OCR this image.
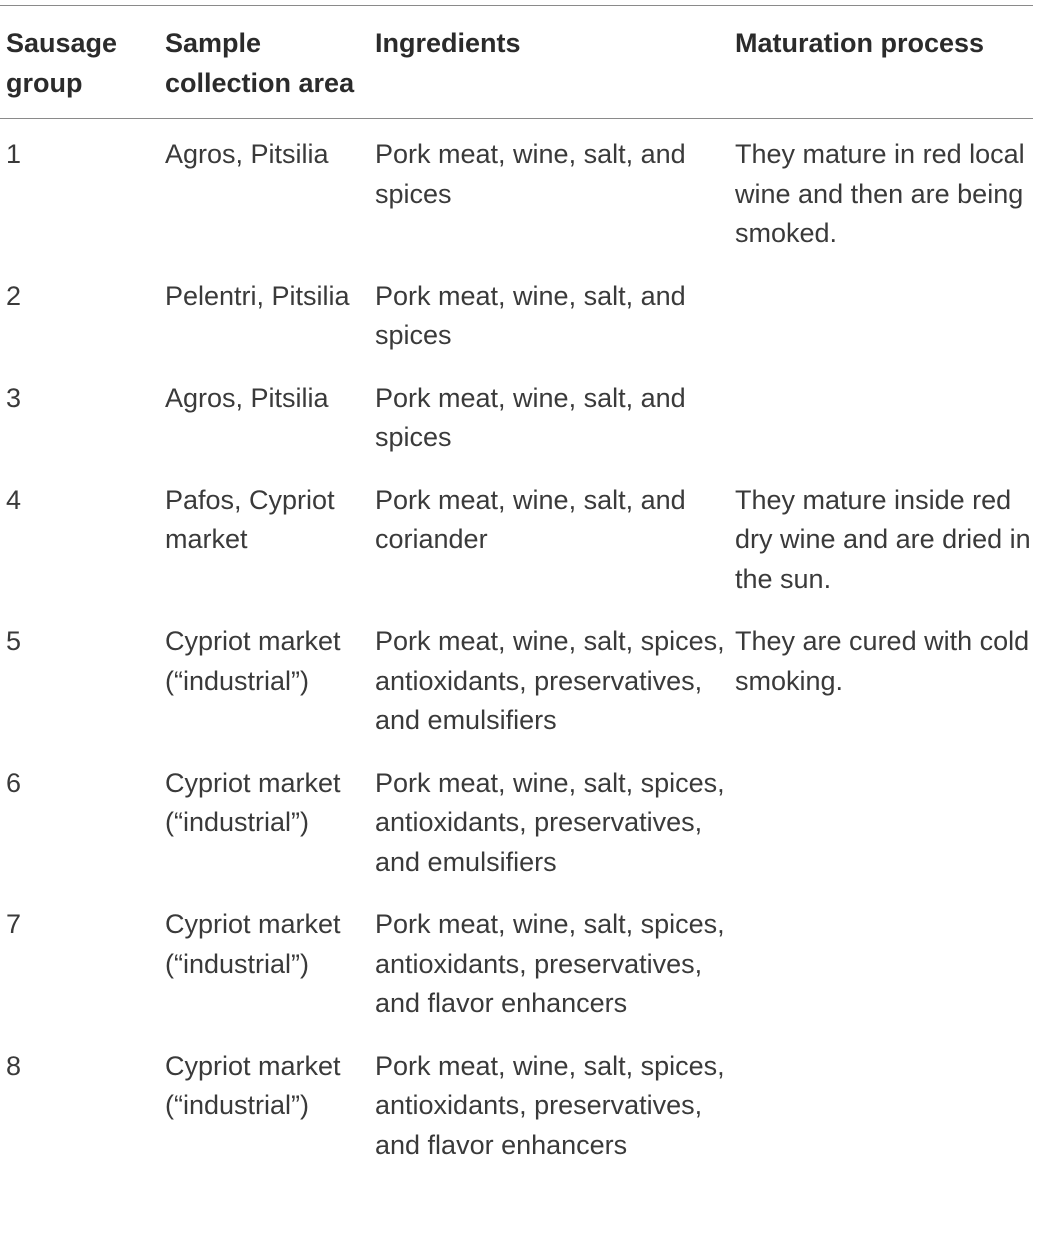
Sausage group	Sample collection area	Ingredients	Maturation process
1	Agros, Pitsilia	Pork meat, wine, salt, and spices	They mature in red local wine and then are being smoked.
2	Pelentri, Pitsilia	Pork meat, wine, salt, and spices	
3	Agros, Pitsilia	Pork meat, wine, salt, and spices	
4	Pafos, Cypriot market	Pork meat, wine, salt, and coriander	They mature inside red dry wine and are dried in the sun.
5	Cypriot market (“industrial”)	Pork meat, wine, salt, spices, antioxidants, preservatives, and emulsifiers	They are cured with cold smoking.
6	Cypriot market (“industrial”)	Pork meat, wine, salt, spices, antioxidants, preservatives, and emulsifiers	
7	Cypriot market (“industrial”)	Pork meat, wine, salt, spices, antioxidants, preservatives, and flavor enhancers	
8	Cypriot market (“industrial”)	Pork meat, wine, salt, spices, antioxidants, preservatives, and flavor enhancers	
